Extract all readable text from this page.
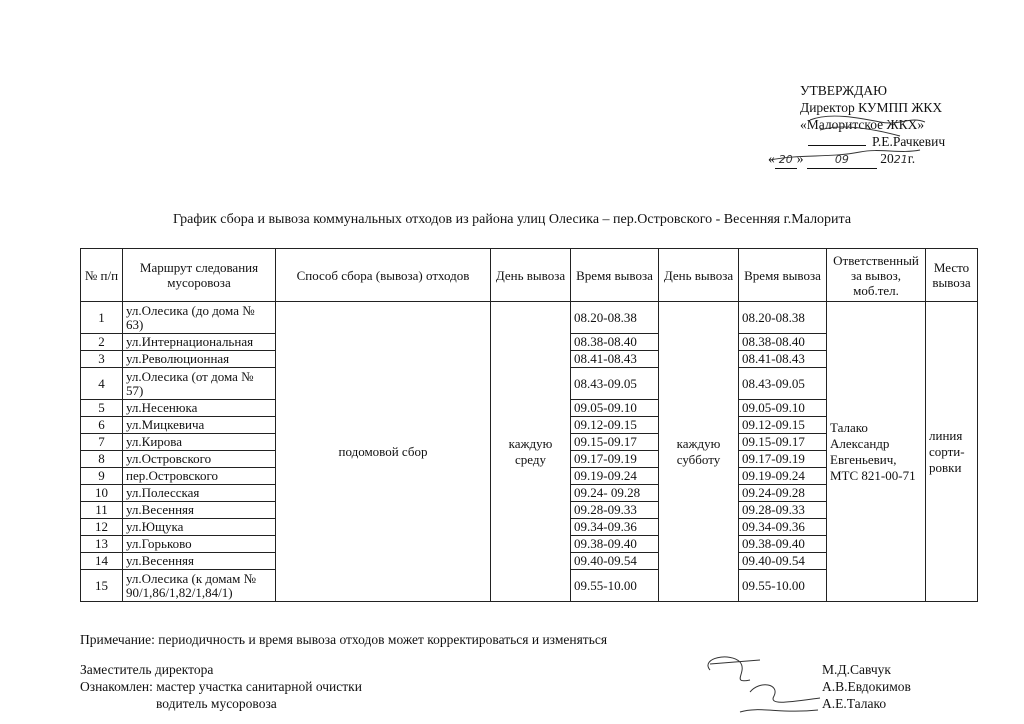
УТВЕРЖДАЮ
Директор КУМПП ЖКХ
«Малоритское ЖКХ»
Р.Е.Рачкевич
« 20 »	09 2021г.
График сбора и вывоза коммунальных отходов из района улиц Олесика – пер.Островского - Весенняя г.Малорита
№ п/п	Маршрут следования мусоровоза	Способ сбора (вывоза) отходов	День вывоза	Время вывоза	День вывоза	Время вывоза	Ответственный за вывоз, моб.тел.	Место вывоза
1	ул.Олесика (до дома № 63)	подомовой сбор	каждую среду	08.20-08.38	каждую субботу	08.20-08.38	Талако Александр Евгеньевич, МТС 821-00-71	линия сорти-ровки
2	ул.Интернациональная			08.38-08.40		08.38-08.40		
3	ул.Революционная			08.41-08.43		08.41-08.43		
4	ул.Олесика (от дома № 57)			08.43-09.05		08.43-09.05		
5	ул.Несенюка			09.05-09.10		09.05-09.10		
6	ул.Мицкевича			09.12-09.15		09.12-09.15		
7	ул.Кирова			09.15-09.17		09.15-09.17		
8	ул.Островского			09.17-09.19		09.17-09.19		
9	пер.Островского			09.19-09.24		09.19-09.24		
10	ул.Полесская			09.24- 09.28		09.24-09.28		
11	ул.Весенняя			09.28-09.33		09.28-09.33		
12	ул.Ющука			09.34-09.36		09.34-09.36		
13	ул.Горьково			09.38-09.40		09.38-09.40		
14	ул.Весенняя			09.40-09.54		09.40-09.54		
15	ул.Олесика (к домам № 90/1,86/1,82/1,84/1)			09.55-10.00		09.55-10.00		
Примечание: периодичность и время вывоза отходов может корректироваться и изменяться
Заместитель директора
Ознакомлен: мастер участка санитарной очистки
водитель мусоровоза
М.Д.Савчук
А.В.Евдокимов
А.Е.Талако
